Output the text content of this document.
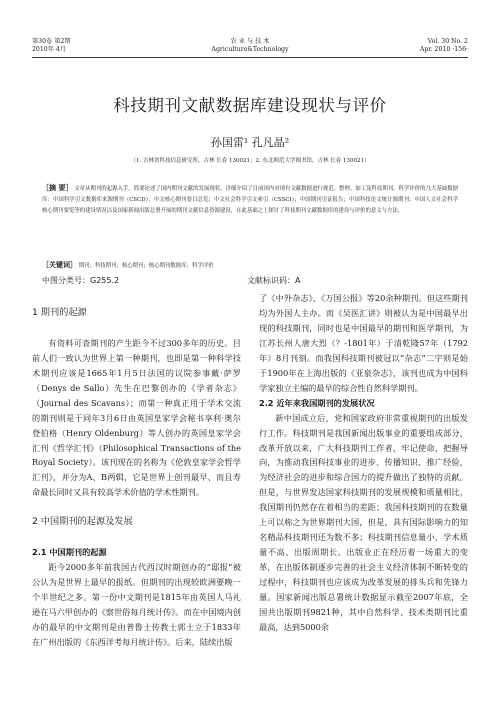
第30卷 第2期
2010年 4月
农 业 与 技 术
Agriculture&Technology
Vol. 30 No. 2
Apr. 2010 ·156·
科技期刊文献数据库建设现状与评价
孙国雷¹ 孔凡晶²
（1. 吉林省科技信息研究所，吉林 长春 130021；2. 东北师范大学图书馆，吉林 长春 130021）
［摘 要］ 文章从期刊的起源入手，简要论述了国内期刊文献的发展现状，详细介绍了目前国内对现有文献数据进行规范、整理、加工及科技期刊、科学评价的几大基础数据库：中国科学引文数据库来源期刊（CSCD）；中文核心期刊要目总览；中文社会科学引文索引（CSSCI）；中国期刊引证报告；中国科技论文统计源期刊；中国人文社会科学核心期刊要览等的建设情况以及国家新闻出版总署开展的期刊文献信息资源建设，在此基础之上探讨了科技期刊文献数据库的建设与评价的意义与方法。
［关键词］ 期刊；科技期刊；核心期刊；核心期刊数据库；科学评价
中图分类号：G255.2	文献标识码：A
1 期刊的起源

有资料可查期刊的产生距今不过300多年的历史。目前人们一致认为世界上第一种期刊，也即是第一种科学技术期刊应该是1665年1月5日法国的议院参事戴·萨罗（Denys de Sallo）先生在巴黎创办的《学者杂志》（Journal des Scavans）；而第一种真正用于学术交流的期刊则是于同年3月6日由英国皇家学会秘书享利·奥尔登伯格（Henry Oldenburg）等人创办的英国皇家学会汇刊《哲学汇刊》（Philosophical Transactions of the Royal Society）。该刊现在的名称为《伦敦皇家学会哲学汇刊》，并分为A、B两辑，它是世界上创刊最早、而且寿命最长同时又具有较高学术价值的学术性期刊。

2 中国期刊的起源及发展
2.1 中国期刊的起源

距今2000多年前我国古代西汉时期创办的“邸报”被公认为是世界上最早的报纸。但期刊的出现较欧洲要晚一个半世纪之多。第一份中文期刊是1815年由英国人马礼逊在马六甲创办的《察世俗每月统计传》。而在中国境内创办的最早的中文期刊是由普鲁士传教士郭士立于1833年在广州出版的《东西洋考每月统计传》。后来，陆续出版

了《中外杂志》、《万国公报》等20余种期刊。但这些期刊均为外国人主办。而《吴医汇讲》则被认为是中国最早出现的科技期刊，同时也是中国最早的期刊和医学期刊，为江苏长州人唐大烈（？-1801年）于清乾隆57年（1792年）8月刊刻。而我国科技期刊被冠以“杂志”二字则是始于1900年在上海出版的《亚泉杂志》，该刊也成为中国科学家独立主编的最早的综合性自然科学期刊。

2.2 近年来我国期刊的发展状况

新中国成立后，党和国家政府非常重视期刊的出版发行工作。科技期刊是我国新闻出版事业的重要组成部分，改革开放以来，广大科技期刊工作者，牢记使命，把握导向，为推动我国科技事业的进步、传播知识、推广经验，为经济社会的进步和综合国力的提升做出了独特的贡献。但是，与世界发达国家科技期刊的发展规模和质量相比，我国期刊仍然存在着相当的差距；我国科技期刊的在数量上可以称之为世界期刊大国，但是，具有国际影响力的知名精品科技期刊还为数不多；科技期刊信息量小、学术质量不高、出版周期长。出版业正在经历着一场重大的变革，在出版体制逐步完善的社会主义经济体制不断转变的过程中，科技期刊也应该成为改革发展的排头兵和先锋力量。国家新闻出版总署统计数据显示截至2007年底，全国共出版期刊9821种，其中自然科学、技术类期刊比重最高，达到5000余
